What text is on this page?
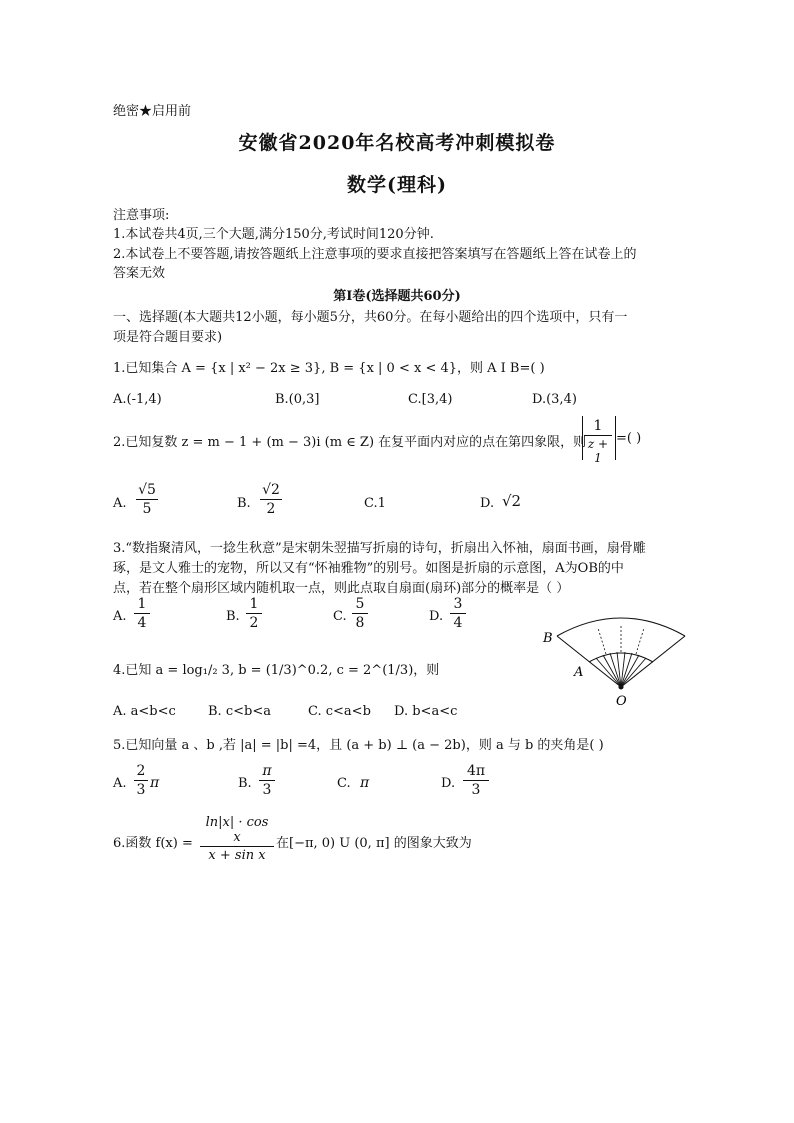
绝密★启用前
安徽省2020年名校高考冲刺模拟卷
数学(理科)
注意事项:
1.本试卷共4页,三个大题,满分150分,考试时间120分钟.
2.本试卷上不要答题,请按答题纸上注意事项的要求直接把答案填写在答题纸上答在试卷上的
答案无效
第I卷(选择题共60分)
一、选择题(本大题共12小题，每小题5分，共60分。在每小题给出的四个选项中，只有一
项是符合题目要求)
1.已知集合 A = {x | x² − 2x ≥ 3}, B = {x | 0 < x < 4}，则 A I B=( )
A.(-1,4)	B.(0,3]	C.[3,4)	D.(3,4)
2.已知复数 z = m − 1 + (m − 3)i (m ∈ Z) 在复平面内对应的点在第四象限，则
1
z + 1
=( )
A.
√5
5	B.
√2
2	C.1	D. √2
3.“数指聚清风，一捻生秋意”是宋朝朱翌描写折扇的诗句，折扇出入怀袖，扇面书画，扇骨雕
琢，是文人雅士的宠物，所以又有“怀袖雅物”的别号。如图是折扇的示意图，A为OB的中
点，若在整个扇形区域内随机取一点，则此点取自扇面(扇环)部分的概率是（ ）
A.
1
4	B.
1
2	C.
5
8	D.
3
4
B
A
O
4.已知 a = log₁/₂ 3, b = (1/3)^0.2, c = 2^(1/3)，则
A. a<b<c B. c<b<a	C. c<a<b D. b<a<c
5.已知向量 a 、b ,若 |a| = |b| =4，且 (a + b) ⊥ (a − 2b)，则 a 与 b 的夹角是( )
A.
2
3 π	B.
π
3	C. π	D.
4π
3
6.函数 f(x) =
ln|x| · cos x
x + sin x
在[−π, 0) U (0, π] 的图象大致为
